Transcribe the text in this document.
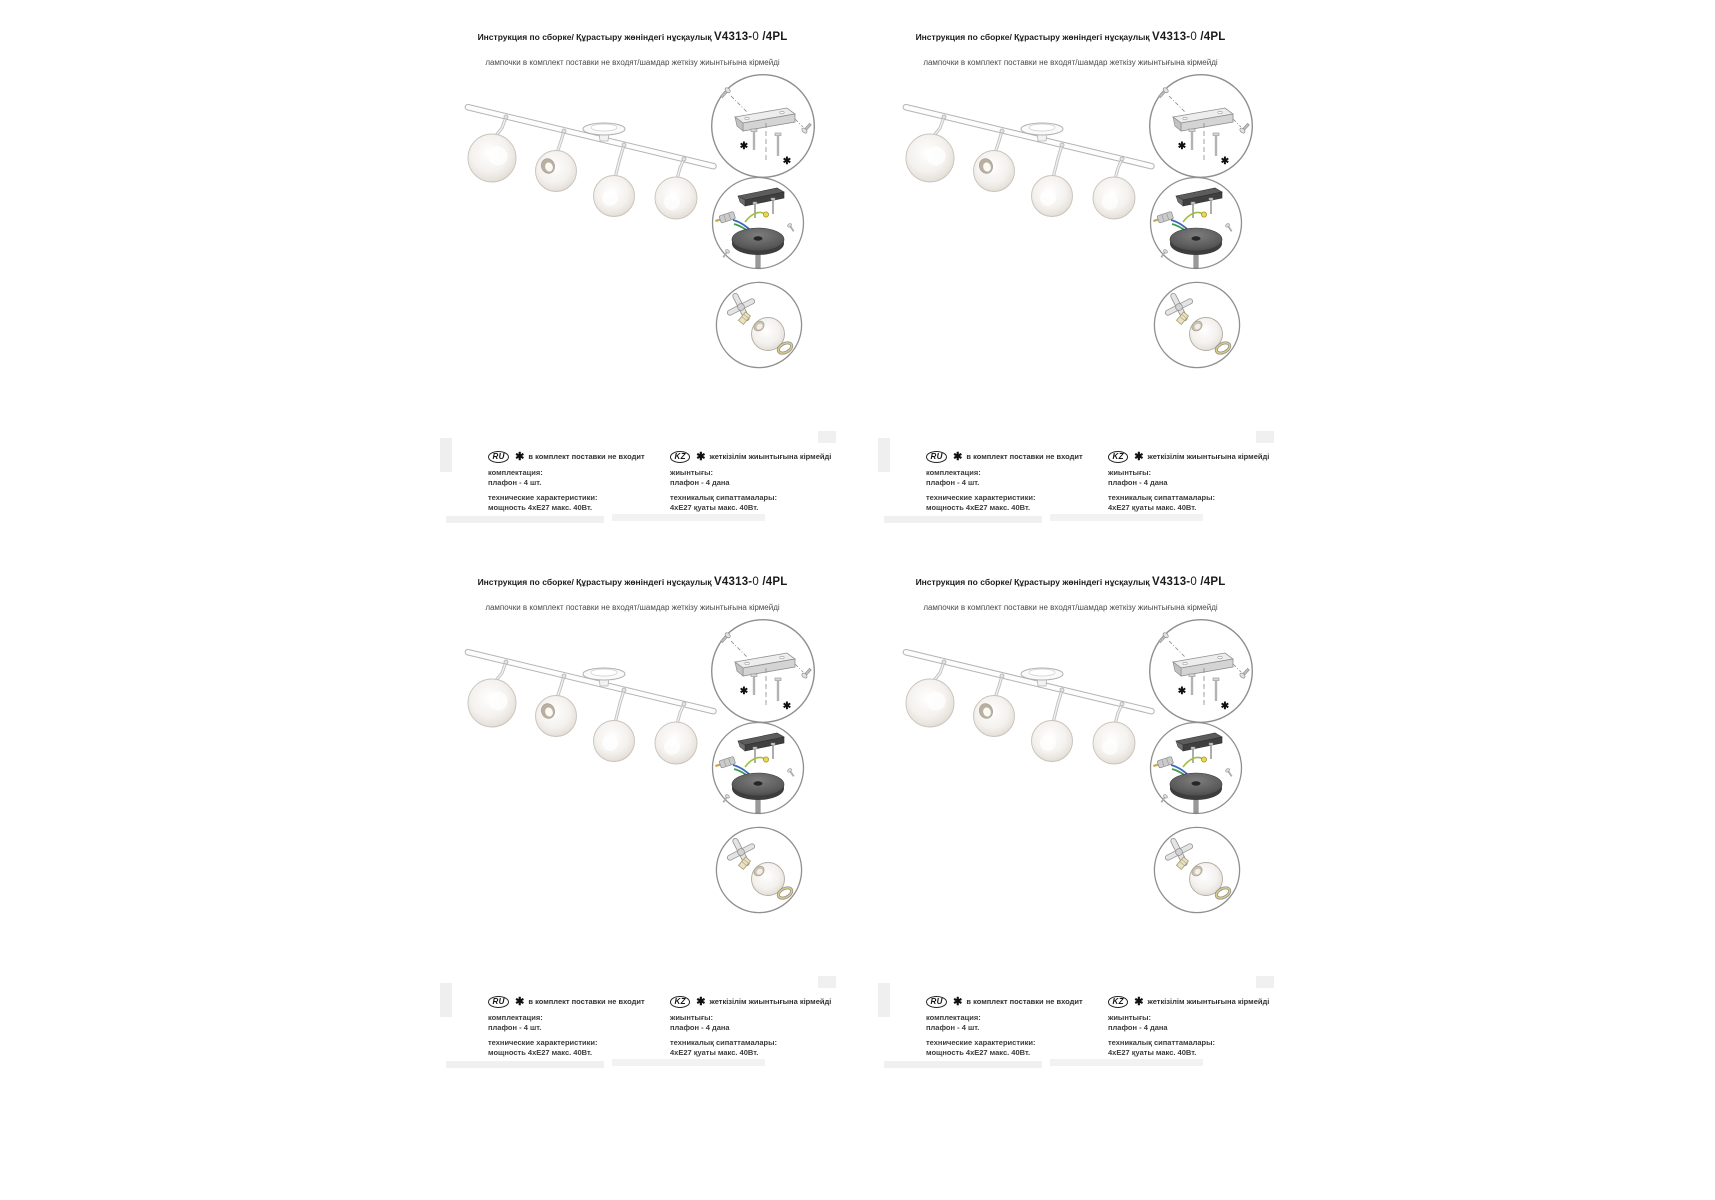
Инструкция по сборке/ Құрастыру жөніндегі нұсқаулық V4313-0 /4PL
лампочки в комплект поставки не входят/шамдар жеткізу жиынтығына кірмейді
✱
✱
RU ✱ в комплект поставки не входит
комплектация:
плафон - 4 шт.
технические характеристики:
мощность 4хЕ27 макс. 40Вт.
KZ ✱ жеткізілім жиынтығына кірмейді
жиынтығы:
плафон - 4 дана
техникалық сипаттамалары:
4хЕ27 қуаты макс. 40Вт.
Инструкция по сборке/ Құрастыру жөніндегі нұсқаулық V4313-0 /4PL
лампочки в комплект поставки не входят/шамдар жеткізу жиынтығына кірмейді
✱
✱
RU ✱ в комплект поставки не входит
комплектация:
плафон - 4 шт.
технические характеристики:
мощность 4хЕ27 макс. 40Вт.
KZ ✱ жеткізілім жиынтығына кірмейді
жиынтығы:
плафон - 4 дана
техникалық сипаттамалары:
4хЕ27 қуаты макс. 40Вт.
Инструкция по сборке/ Құрастыру жөніндегі нұсқаулық V4313-0 /4PL
лампочки в комплект поставки не входят/шамдар жеткізу жиынтығына кірмейді
✱
✱
RU ✱ в комплект поставки не входит
комплектация:
плафон - 4 шт.
технические характеристики:
мощность 4хЕ27 макс. 40Вт.
KZ ✱ жеткізілім жиынтығына кірмейді
жиынтығы:
плафон - 4 дана
техникалық сипаттамалары:
4хЕ27 қуаты макс. 40Вт.
Инструкция по сборке/ Құрастыру жөніндегі нұсқаулық V4313-0 /4PL
лампочки в комплект поставки не входят/шамдар жеткізу жиынтығына кірмейді
✱
✱
RU ✱ в комплект поставки не входит
комплектация:
плафон - 4 шт.
технические характеристики:
мощность 4хЕ27 макс. 40Вт.
KZ ✱ жеткізілім жиынтығына кірмейді
жиынтығы:
плафон - 4 дана
техникалық сипаттамалары:
4хЕ27 қуаты макс. 40Вт.
